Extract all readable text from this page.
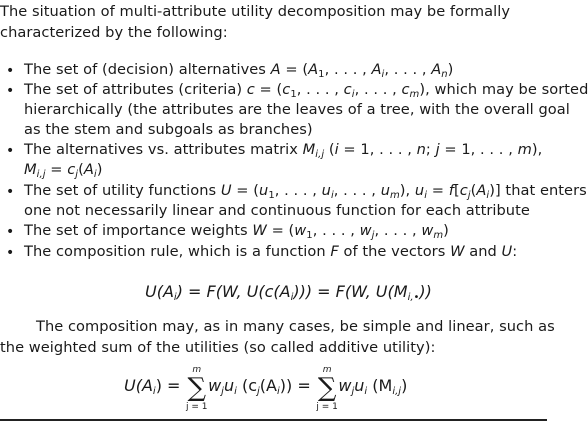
The situation of multi-attribute utility decomposition may be formally
characterized by the following:
• The set of (decision) alternatives $A = (A_1$, . . . , $A_i$, . . . , $A_n$)
• The set of attributes (criteria) $c = (c_1$, . . . , $c_i$, . . . , $c_m$), which may be sorted
hierarchically (the attributes are the leaves of a tree, with the overall goal
as the stem and subgoals as branches)
• The alternatives vs. attributes matrix $M_{i,j}$ (i = 1, . . . , n; j = 1, . . . , m),
$M_{i,j} = c_j(A_i)$
• The set of utility functions $U = (u_1$, . . . , $u_i$, . . . , $u_m$), $u_i = f[c_j(A_i)]$ that enters
one not necessarily linear and continuous function for each attribute
• The set of importance weights $W = (w_1$, . . . , $w_j$, . . . , $w_m$)
• The composition rule, which is a function F of the vectors W and U:
$U(A_i) = F(W$, $U(c(A_i))) = F(W$, $U(M_{i,•})$)
The composition may, as in many cases, be simple and linear, such as
the weighted sum of the utilities (so called additive utility):
$U(A_i)$ = ∑
m
j = 1
$w_ju_i$ $(c_j(A_i))$ = ∑
m
j = 1
$w_ju_i$ $(M_{i,j})$
